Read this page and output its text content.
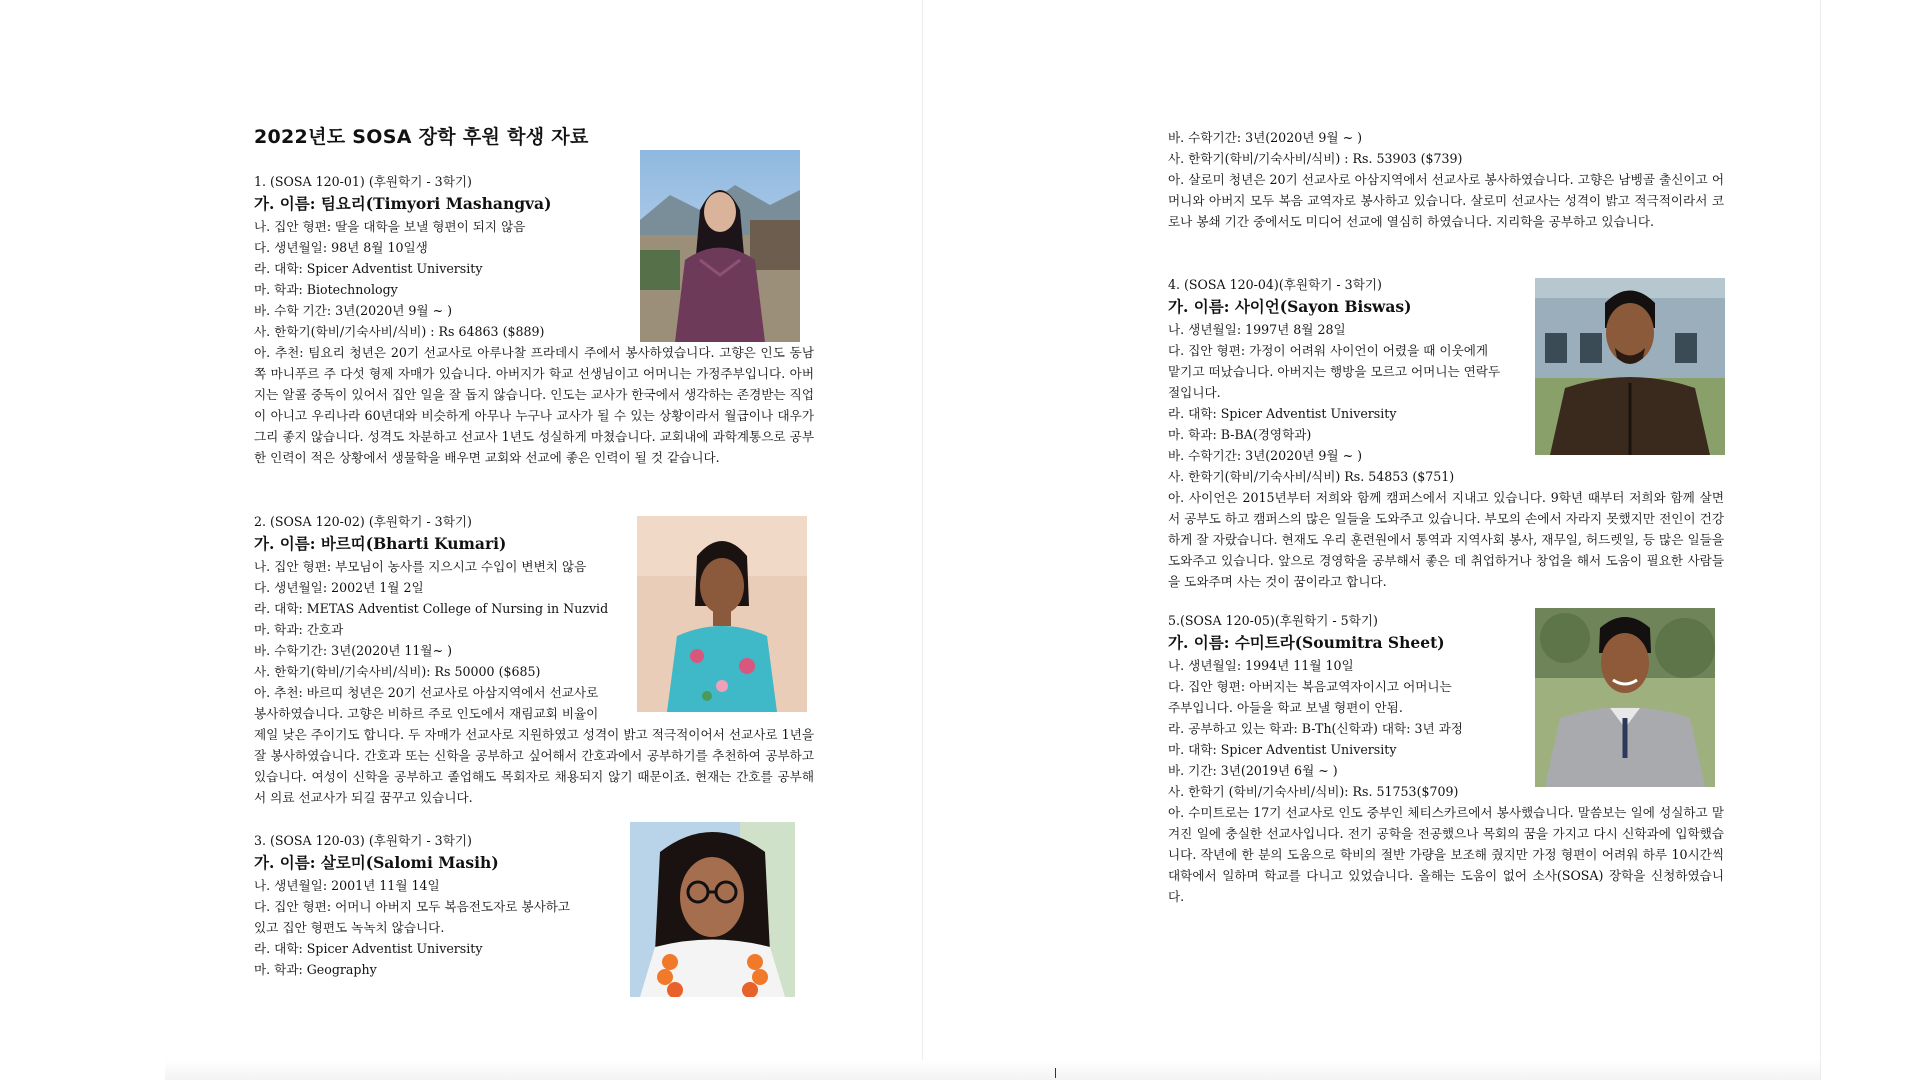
2022년도 SOSA 장학 후원 학생 자료
1. (SOSA 120-01) (후원학기 - 3학기)
가. 이름: 팀요리(Timyori Mashangva)
나. 집안 형편: 딸을 대학을 보낼 형편이 되지 않음
다. 생년월일: 98년 8월 10일생
라. 대학: Spicer Adventist University
마. 학과: Biotechnology
바. 수학 기간: 3년(2020년 9월 ~ )
사. 한학기(학비/기숙사비/식비) : Rs 64863 ($889)
아. 추천: 팀요리 청년은 20기 선교사로 아루나찰 프라데시 주에서 봉사하였습니다. 고향은 인도 동남쪽 마니푸르 주 다섯 형제 자매가 있습니다. 아버지가 학교 선생님이고 어머니는 가정주부입니다. 아버지는 알콜 중독이 있어서 집안 일을 잘 돕지 않습니다. 인도는 교사가 한국에서 생각하는 존경받는 직업이 아니고 우리나라 60년대와 비슷하게 아무나 누구나 교사가 될 수 있는 상황이라서 월급이나 대우가 그리 좋지 않습니다. 성격도 차분하고 선교사 1년도 성실하게 마쳤습니다. 교회내에 과학계통으로 공부한 인력이 적은 상황에서 생물학을 배우면 교회와 선교에 좋은 인력이 될 것 같습니다.
2. (SOSA 120-02) (후원학기 - 3학기)
가. 이름: 바르띠(Bharti Kumari)
나. 집안 형편: 부모님이 농사를 지으시고 수입이 변변치 않음
다. 생년월일: 2002년 1월 2일
라. 대학: METAS Adventist College of Nursing in Nuzvid
마. 학과: 간호과
바. 수학기간: 3년(2020년 11월~ )
사. 한학기(학비/기숙사비/식비): Rs 50000 ($685)
아. 추천: 바르띠 청년은 20기 선교사로 아삼지역에서 선교사로
봉사하였습니다. 고향은 비하르 주로 인도에서 재림교회 비율이
제일 낮은 주이기도 합니다. 두 자매가 선교사로 지원하였고 성격이 밝고 적극적이어서 선교사로 1년을 잘 봉사하였습니다. 간호과 또는 신학을 공부하고 싶어해서 간호과에서 공부하기를 추천하여 공부하고 있습니다. 여성이 신학을 공부하고 졸업해도 목회자로 채용되지 않기 때문이죠. 현재는 간호를 공부해서 의료 선교사가 되길 꿈꾸고 있습니다.
3. (SOSA 120-03) (후원학기 - 3학기)
가. 이름: 살로미(Salomi Masih)
나. 생년월일: 2001년 11월 14일
다. 집안 형편: 어머니 아버지 모두 복음전도자로 봉사하고
있고 집안 형편도 녹녹치 않습니다.
라. 대학: Spicer Adventist University
마. 학과: Geography
바. 수학기간: 3년(2020년 9월 ~ )
사. 한학기(학비/기숙사비/식비) : Rs. 53903 ($739)
아. 살로미 청년은 20기 선교사로 아삼지역에서 선교사로 봉사하였습니다. 고향은 남벵골 출신이고 어머니와 아버지 모두 복음 교역자로 봉사하고 있습니다. 살로미 선교사는 성격이 밝고 적극적이라서 코로나 봉쇄 기간 중에서도 미디어 선교에 열심히 하였습니다. 지리학을 공부하고 있습니다.
4. (SOSA 120-04)(후원학기 - 3학기)
가. 이름: 사이언(Sayon Biswas)
나. 생년월일: 1997년 8월 28일
다. 집안 형편: 가정이 어려워 사이언이 어렸을 때 이웃에게
맡기고 떠났습니다. 아버지는 행방을 모르고 어머니는 연락두
절입니다.
라. 대학: Spicer Adventist University
마. 학과: B-BA(경영학과)
바. 수학기간: 3년(2020년 9월 ~ )
사. 한학기(학비/기숙사비/식비) Rs. 54853 ($751)
아. 사이언은 2015년부터 저희와 함께 캠퍼스에서 지내고 있습니다. 9학년 때부터 저희와 함께 살면서 공부도 하고 캠퍼스의 많은 일들을 도와주고 있습니다. 부모의 손에서 자라지 못했지만 전인이 건강하게 잘 자랐습니다. 현재도 우리 훈련원에서 통역과 지역사회 봉사, 재무일, 허드렛일, 등 많은 일들을 도와주고 있습니다. 앞으로 경영학을 공부해서 좋은 데 취업하거나 창업을 해서 도움이 필요한 사람들을 도와주며 사는 것이 꿈이라고 합니다.
5.(SOSA 120-05)(후원학기 - 5학기)
가. 이름: 수미트라(Soumitra Sheet)
나. 생년월일: 1994년 11월 10일
다. 집안 형편: 아버지는 복음교역자이시고 어머니는
주부입니다. 아들을 학교 보낼 형편이 안됨.
라. 공부하고 있는 학과: B-Th(신학과) 대학: 3년 과정
마. 대학: Spicer Adventist University
바. 기간: 3년(2019년 6월 ~ )
사. 한학기 (학비/기숙사비/식비): Rs. 51753($709)
아. 수미트로는 17기 선교사로 인도 중부인 체티스카르에서 봉사했습니다. 말씀보는 일에 성실하고 맡겨진 일에 충실한 선교사입니다. 전기 공학을 전공했으나 목회의 꿈을 가지고 다시 신학과에 입학했습니다. 작년에 한 분의 도움으로 학비의 절반 가량을 보조해 줬지만 가정 형편이 어려워 하루 10시간씩 대학에서 일하며 학교를 다니고 있었습니다. 올해는 도움이 없어 소사(SOSA) 장학을 신청하였습니다.
